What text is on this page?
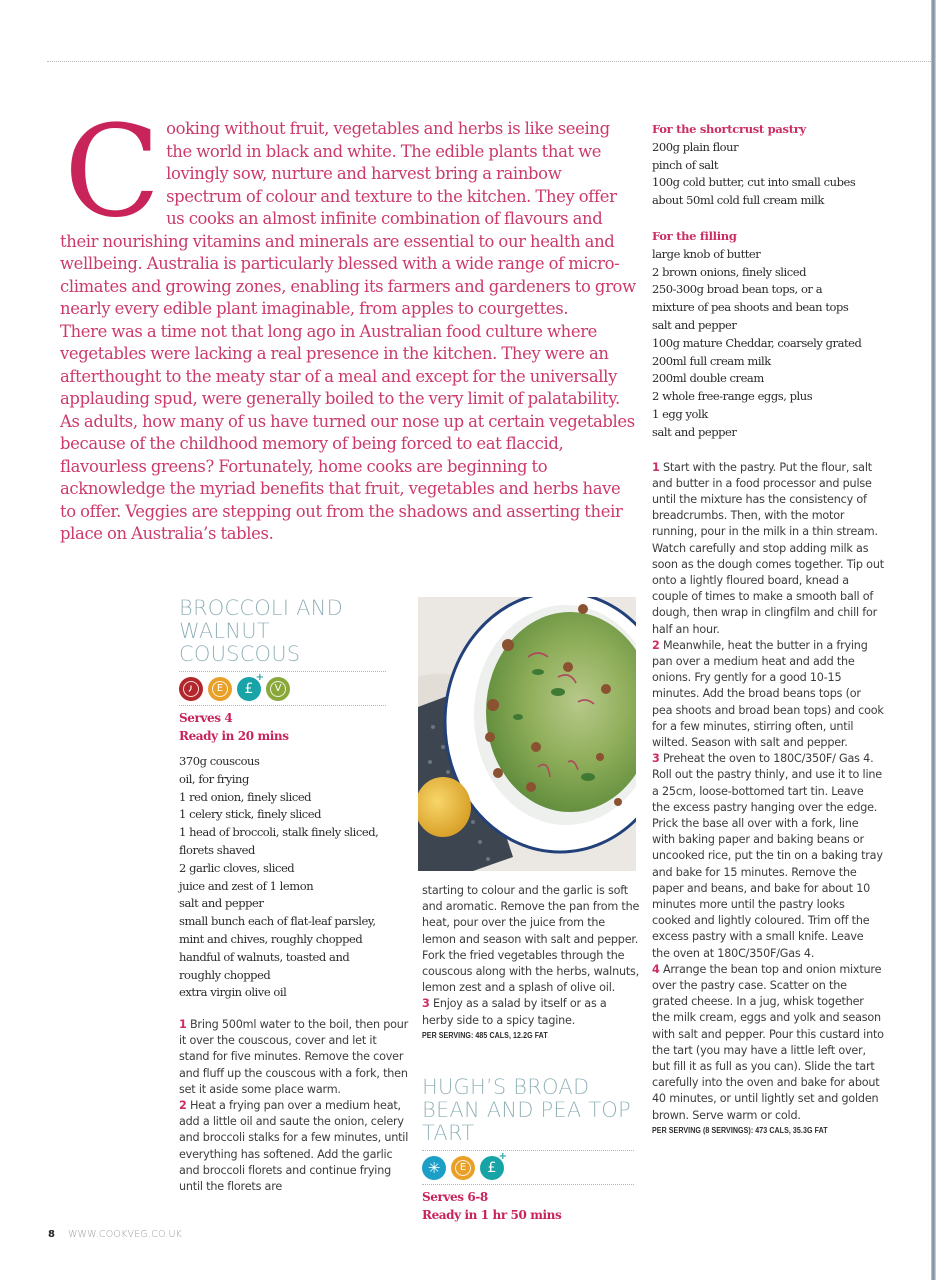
C ooking without fruit, vegetables and herbs is like seeing the world in black and white. The edible plants that we lovingly sow, nurture and harvest bring a rainbow spectrum of colour and texture to the kitchen. They offer us cooks an almost infinite combination of flavours and their nourishing vitamins and minerals are essential to our health and wellbeing. Australia is particularly blessed with a wide range of micro-climates and growing zones, enabling its farmers and gardeners to grow nearly every edible plant imaginable, from apples to courgettes.

There was a time not that long ago in Australian food culture where vegetables were lacking a real presence in the kitchen. They were an afterthought to the meaty star of a meal and except for the universally applauding spud, were generally boiled to the very limit of palatability. As adults, how many of us have turned our nose up at certain vegetables because of the childhood memory of being forced to eat flaccid, flavourless greens? Fortunately, home cooks are beginning to acknowledge the myriad benefits that fruit, vegetables and herbs have to offer. Veggies are stepping out from the shadows and asserting their place on Australia’s tables.

BROCCOLI AND WALNUT COUSCOUS
E	£
+
V
Serves 4
Ready in 20 mins
370g couscous
oil, for frying
1 red onion, finely sliced
1 celery stick, finely sliced
1 head of broccoli, stalk finely sliced,
florets shaved
2 garlic cloves, sliced
juice and zest of 1 lemon
salt and pepper
small bunch each of flat-leaf parsley,
mint and chives, roughly chopped
handful of walnuts, toasted and
roughly chopped
extra virgin olive oil

1 Bring 500ml water to the boil, then pour it over the couscous, cover and let it stand for five minutes. Remove the cover and fluff up the couscous with a fork, then set it aside some place warm.

2 Heat a frying pan over a medium heat, add a little oil and saute the onion, celery and broccoli stalks for a few minutes, until everything has softened. Add the garlic and broccoli florets and continue frying until the florets are

starting to colour and the garlic is soft and aromatic. Remove the pan from the heat, pour over the juice from the lemon and season with salt and pepper. Fork the fried vegetables through the couscous along with the herbs, walnuts, lemon zest and a splash of olive oil.

3 Enjoy as a salad by itself or as a herby side to a spicy tagine.

PER SERVING: 485 CALS, 12.2G FAT
HUGH’S BROAD BEAN AND PEA TOP TART
✳	E	£
+
Serves 6-8
Ready in 1 hr 50 mins
For the shortcrust pastry
200g plain flour
pinch of salt
100g cold butter, cut into small cubes
about 50ml cold full cream milk
For the filling
large knob of butter
2 brown onions, finely sliced
250-300g broad bean tops, or a
mixture of pea shoots and bean tops
salt and pepper
100g mature Cheddar, coarsely grated
200ml full cream milk
200ml double cream
2 whole free-range eggs, plus
1 egg yolk
salt and pepper

1 Start with the pastry. Put the flour, salt and butter in a food processor and pulse until the mixture has the consistency of breadcrumbs. Then, with the motor running, pour in the milk in a thin stream. Watch carefully and stop adding milk as soon as the dough comes together. Tip out onto a lightly floured board, knead a couple of times to make a smooth ball of dough, then wrap in clingfilm and chill for half an hour.

2 Meanwhile, heat the butter in a frying pan over a medium heat and add the onions. Fry gently for a good 10-15 minutes. Add the broad beans tops (or pea shoots and broad bean tops) and cook for a few minutes, stirring often, until wilted. Season with salt and pepper.

3 Preheat the oven to 180C/350F/ Gas 4. Roll out the pastry thinly, and use it to line a 25cm, loose-bottomed tart tin. Leave the excess pastry hanging over the edge. Prick the base all over with a fork, line with baking paper and baking beans or uncooked rice, put the tin on a baking tray and bake for 15 minutes. Remove the paper and beans, and bake for about 10 minutes more until the pastry looks cooked and lightly coloured. Trim off the excess pastry with a small knife. Leave the oven at 180C/350F/Gas 4.

4 Arrange the bean top and onion mixture over the pastry case. Scatter on the grated cheese. In a jug, whisk together the milk cream, eggs and yolk and season with salt and pepper. Pour this custard into the tart (you may have a little left over, but fill it as full as you can). Slide the tart carefully into the oven and bake for about 40 minutes, or until lightly set and golden brown. Serve warm or cold.

PER SERVING (8 SERVINGS): 473 CALS, 35.3G FAT
8 WWW.COOKVEG.CO.UK
